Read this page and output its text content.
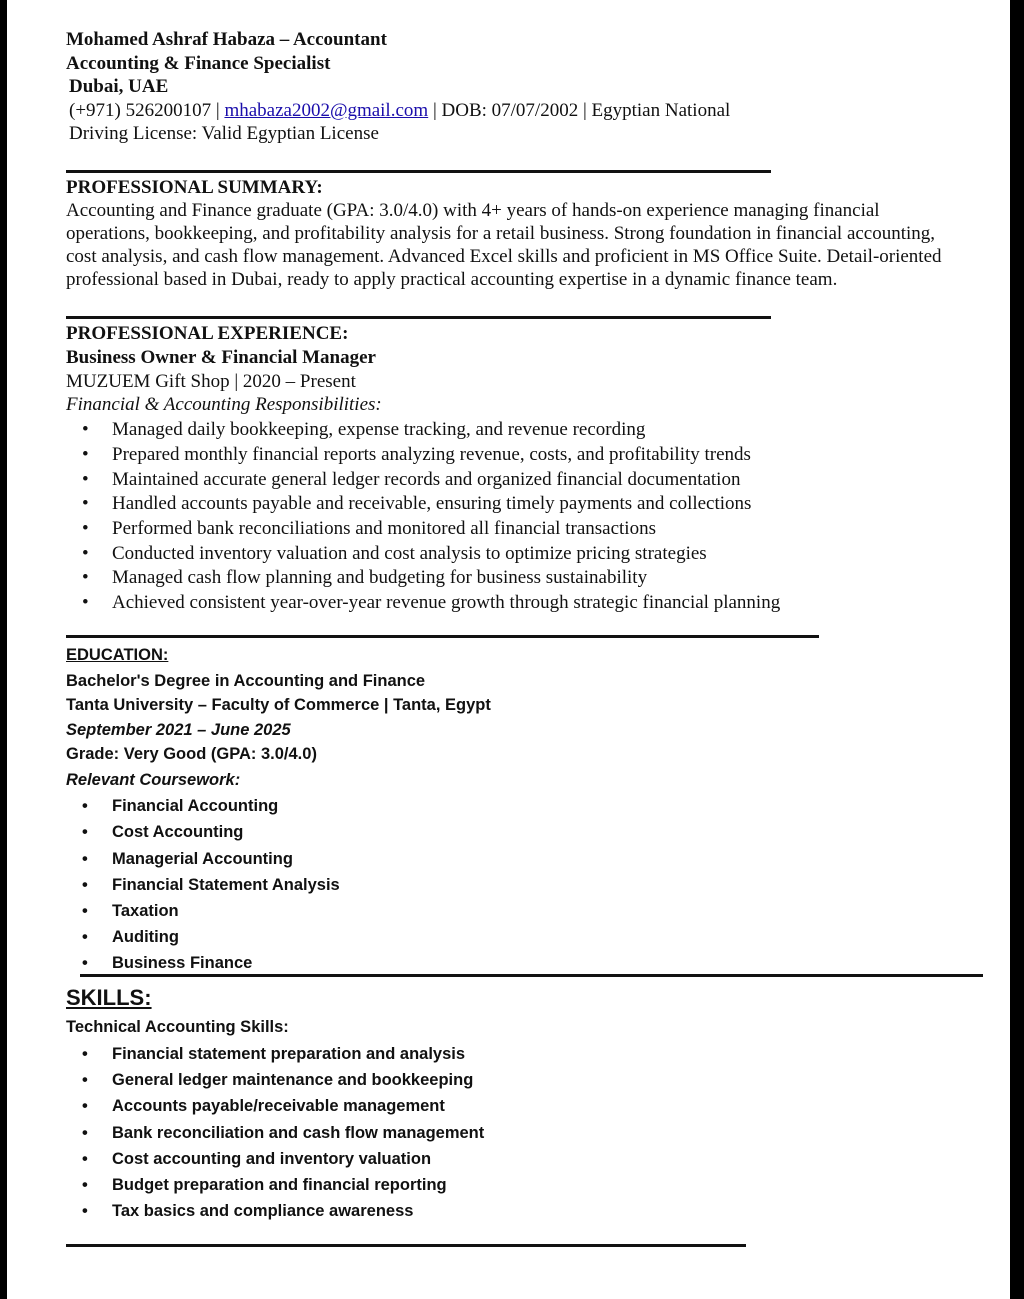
Mohamed Ashraf Habaza – Accountant
Accounting & Finance Specialist
Dubai, UAE
(+971) 526200107 | mhabaza2002@gmail.com | DOB: 07/07/2002 | Egyptian National
Driving License: Valid Egyptian License
PROFESSIONAL SUMMARY:
Accounting and Finance graduate (GPA: 3.0/4.0) with 4+ years of hands-on experience managing financial
operations, bookkeeping, and profitability analysis for a retail business. Strong foundation in financial accounting,
cost analysis, and cash flow management. Advanced Excel skills and proficient in MS Office Suite. Detail-oriented
professional based in Dubai, ready to apply practical accounting expertise in a dynamic finance team.
PROFESSIONAL EXPERIENCE:
Business Owner & Financial Manager
MUZUEM Gift Shop | 2020 – Present
Financial & Accounting Responsibilities:
• Managed daily bookkeeping, expense tracking, and revenue recording
• Prepared monthly financial reports analyzing revenue, costs, and profitability trends
• Maintained accurate general ledger records and organized financial documentation
• Handled accounts payable and receivable, ensuring timely payments and collections
• Performed bank reconciliations and monitored all financial transactions
• Conducted inventory valuation and cost analysis to optimize pricing strategies
• Managed cash flow planning and budgeting for business sustainability
• Achieved consistent year-over-year revenue growth through strategic financial planning
EDUCATION:
Bachelor's Degree in Accounting and Finance
Tanta University – Faculty of Commerce | Tanta, Egypt
September 2021 – June 2025
Grade: Very Good (GPA: 3.0/4.0)
Relevant Coursework:
• Financial Accounting
• Cost Accounting
• Managerial Accounting
• Financial Statement Analysis
• Taxation
• Auditing
• Business Finance
SKILLS:
Technical Accounting Skills:
• Financial statement preparation and analysis
• General ledger maintenance and bookkeeping
• Accounts payable/receivable management
• Bank reconciliation and cash flow management
• Cost accounting and inventory valuation
• Budget preparation and financial reporting
• Tax basics and compliance awareness
